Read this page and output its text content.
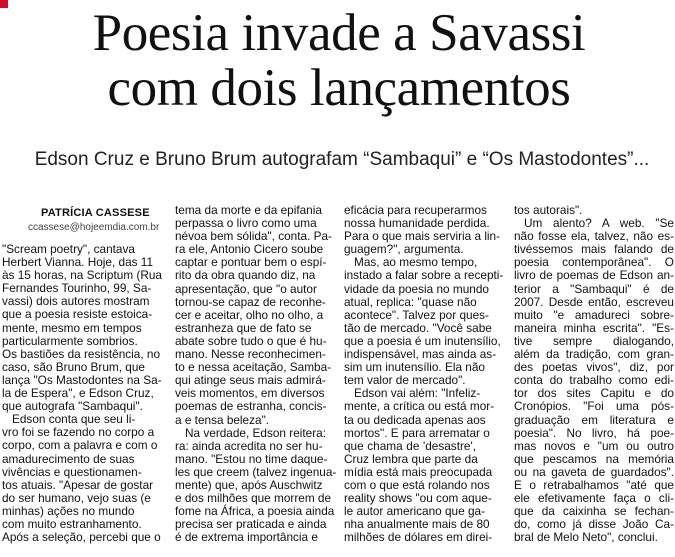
Poesia invade a Savassi
com dois lançamentos
Edson Cruz e Bruno Brum autografam “Sambaqui” e “Os Mastodontes”...
PATRÍCIA CASSESE
ccassese@hojeemdia.com.br
"Scream poetry", cantava
Herbert Vianna. Hoje, das 11
às 15 horas, na Scriptum (Rua
Fernandes Tourinho, 99, Sa-
vassi) dois autores mostram
que a poesia resiste estoica-
mente, mesmo em tempos
particularmente sombrios.
Os bastiões da resistência, no
caso, são Bruno Brum, que
lança "Os Mastodontes na Sa-
la de Espera", e Edson Cruz,
que autografa "Sambaqui".
Edson conta que seu li-
vro foi se fazendo no corpo a
corpo, com a palavra e com o
amadurecimento de suas
vivências e questionamen-
tos atuais. "Apesar de gostar
do ser humano, vejo suas (e
minhas) ações no mundo
com muito estranhamento.
Após a seleção, percebi que o
tema da morte e da epifania
perpassa o livro como uma
névoa bem sólida", conta. Pa-
ra ele, Antonio Cicero soube
captar e pontuar bem o espí-
rito da obra quando diz, na
apresentação, que "o autor
tornou-se capaz de reconhe-
cer e aceitar, olho no olho, a
estranheza que de fato se
abate sobre tudo o que é hu-
mano. Nesse reconhecimen-
to e nessa aceitação, Samba-
qui atinge seus mais admirá-
veis momentos, em diversos
poemas de estranha, concis-
a e tensa beleza".
Na verdade, Edson reitera:
ra: ainda acredita no ser hu-
mano. "Estou no time daque-
les que creem (talvez ingenua-
mente) que, após Auschwitz
e dos milhões que morrem de
fome na África, a poesia ainda
precisa ser praticada e ainda
é de extrema importância e
eficácia para recuperarmos
nossa humanidade perdida.
Para o que mais serviria a lin-
guagem?", argumenta.
Mas, ao mesmo tempo,
instado a falar sobre a recepti-
vidade da poesia no mundo
atual, replica: "quase não
acontece". Talvez por ques-
tão de mercado. "Você sabe
que a poesia é um inutensílio,
indispensável, mas ainda as-
sim um inutensílio. Ela não
tem valor de mercado".
Edson vai além: "Infeliz-
mente, a crítica ou está mor-
ta ou dedicada apenas aos
mortos". E para arrematar o
que chama de 'desastre',
Cruz lembra que parte da
mídia está mais preocupada
com o que está rolando nos
reality shows "ou com aque-
le autor americano que ga-
nha anualmente mais de 80
milhões de dólares em direi-
tos autorais".
Um alento? A web. "Se
não fosse ela, talvez, não es-
tivéssemos mais falando de
poesia contemporânea". O
livro de poemas de Edson an-
terior a "Sambaqui" é de
2007. Desde então, escreveu
muito "e amadureci sobre-
maneira minha escrita". "Es-
tive sempre dialogando,
além da tradição, com gran-
des poetas vivos", diz, por
conta do trabalho como edi-
tor dos sites Capitu e do
Cronópios. "Foi uma pós-
graduação em literatura e
poesia". No livro, há poe-
mas novos e "um ou outro
que pescamos na memória
ou na gaveta de guardados".
E o retrabalhamos "até que
ele efetivamente faça o cli-
que da caixinha se fechan-
do, como já disse João Ca-
bral de Melo Neto", conclui.
